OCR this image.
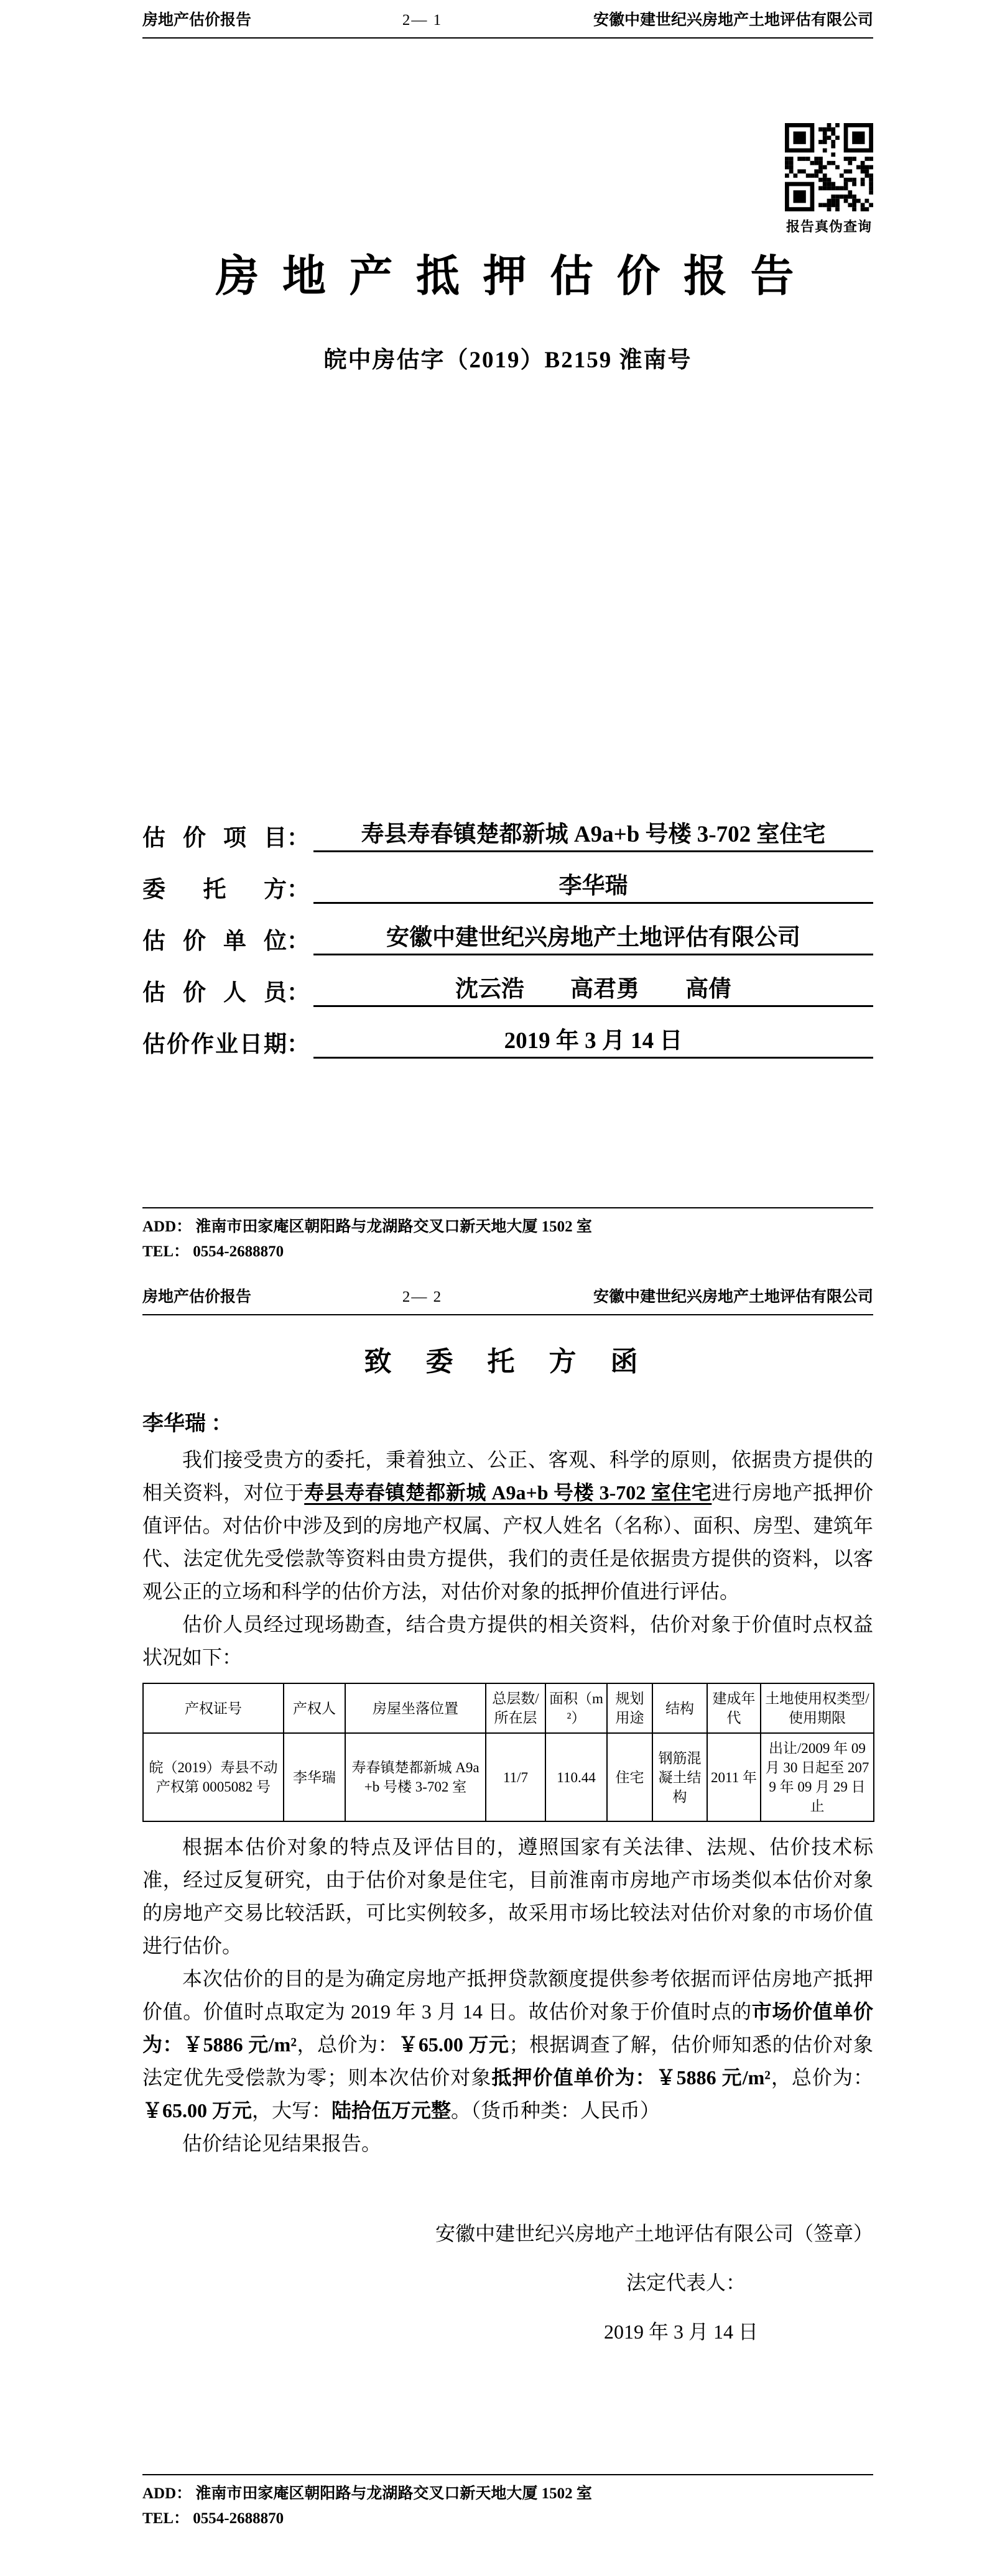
房地产估价报告	2— 1	安徽中建世纪兴房地产土地评估有限公司
报告真伪查询
房 地 产 抵 押 估 价 报 告
皖中房估字（2019）B2159 淮南号
估价项目 ：	寿县寿春镇楚都新城 A9a+b 号楼 3-702 室住宅
委托方 ：	李华瑞
估价单位 ：	安徽中建世纪兴房地产土地评估有限公司
估价人员 ：	沈云浩　　高君勇　　高倩
估价作业日期 ：	2019 年 3 月 14 日
ADD： 淮南市田家庵区朝阳路与龙湖路交叉口新天地大厦 1502 室
TEL： 0554-2688870
房地产估价报告	2— 2	安徽中建世纪兴房地产土地评估有限公司
致 委 托 方 函
李华瑞 ：

我们接受贵方的委托，秉着独立、公正、客观、科学的原则，依据贵方提供的相关资料，对位于寿县寿春镇楚都新城 A9a+b 号楼 3-702 室住宅进行房地产抵押价值评估。对估价中涉及到的房地产权属、产权人姓名（名称）、面积、房型、建筑年代、法定优先受偿款等资料由贵方提供，我们的责任是依据贵方提供的资料，以客观公正的立场和科学的估价方法，对估价对象的抵押价值进行评估。

估价人员经过现场勘查，结合贵方提供的相关资料，估价对象于价值时点权益状况如下：

产权证号	产权人	房屋坐落位置	总层数/所在层	面积（m²）	规划用途	结构	建成年代	土地使用权类型/使用期限
皖（2019）寿县不动产权第 0005082 号	李华瑞	寿春镇楚都新城 A9a+b 号楼 3-702 室	11/7	110.44	住宅	钢筋混凝土结构	2011 年	出让/2009 年 09 月 30 日起至 2079 年 09 月 29 日止

根据本估价对象的特点及评估目的，遵照国家有关法律、法规、估价技术标准，经过反复研究，由于估价对象是住宅，目前淮南市房地产市场类似本估价对象的房地产交易比较活跃，可比实例较多，故采用市场比较法对估价对象的市场价值进行估价。

本次估价的目的是为确定房地产抵押贷款额度提供参考依据而评估房地产抵押价值。价值时点取定为 2019 年 3 月 14 日。故估价对象于价值时点的市场价值单价为：￥5886 元/m²，总价为：￥65.00 万元；根据调查了解，估价师知悉的估价对象法定优先受偿款为零；则本次估价对象抵押价值单价为：￥5886 元/m²，总价为：￥65.00 万元，大写：陆拾伍万元整。（货币种类：人民币）

估价结论见结果报告。

安徽中建世纪兴房地产土地评估有限公司（签章）
法定代表人：
2019 年 3 月 14 日
ADD： 淮南市田家庵区朝阳路与龙湖路交叉口新天地大厦 1502 室
TEL： 0554-2688870
